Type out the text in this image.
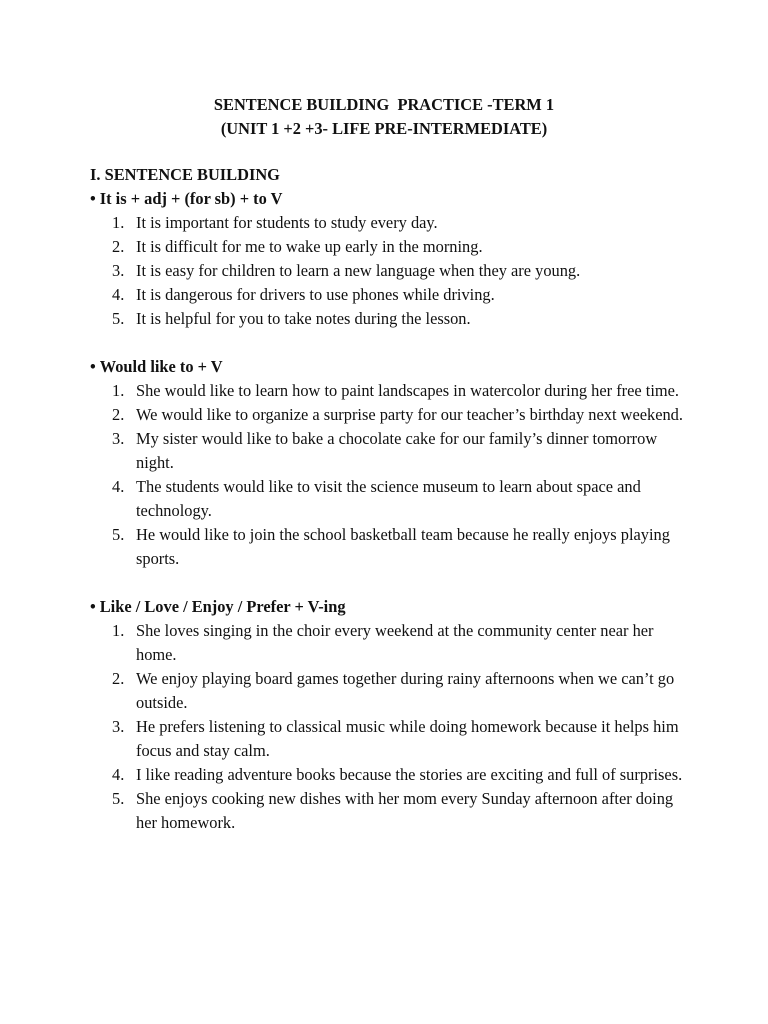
SENTENCE BUILDING  PRACTICE -TERM 1
(UNIT 1 +2 +3- LIFE PRE-INTERMEDIATE)
I. SENTENCE BUILDING
• It is + adj + (for sb) + to V
1. It is important for students to study every day.
2. It is difficult for me to wake up early in the morning.
3. It is easy for children to learn a new language when they are young.
4. It is dangerous for drivers to use phones while driving.
5. It is helpful for you to take notes during the lesson.
• Would like to + V
1. She would like to learn how to paint landscapes in watercolor during her free time.
2. We would like to organize a surprise party for our teacher’s birthday next weekend.
3. My sister would like to bake a chocolate cake for our family’s dinner tomorrow night.
4. The students would like to visit the science museum to learn about space and technology.
5. He would like to join the school basketball team because he really enjoys playing sports.
• Like / Love / Enjoy / Prefer + V-ing
1. She loves singing in the choir every weekend at the community center near her home.
2. We enjoy playing board games together during rainy afternoons when we can’t go outside.
3. He prefers listening to classical music while doing homework because it helps him focus and stay calm.
4. I like reading adventure books because the stories are exciting and full of surprises.
5. She enjoys cooking new dishes with her mom every Sunday afternoon after doing her homework.
